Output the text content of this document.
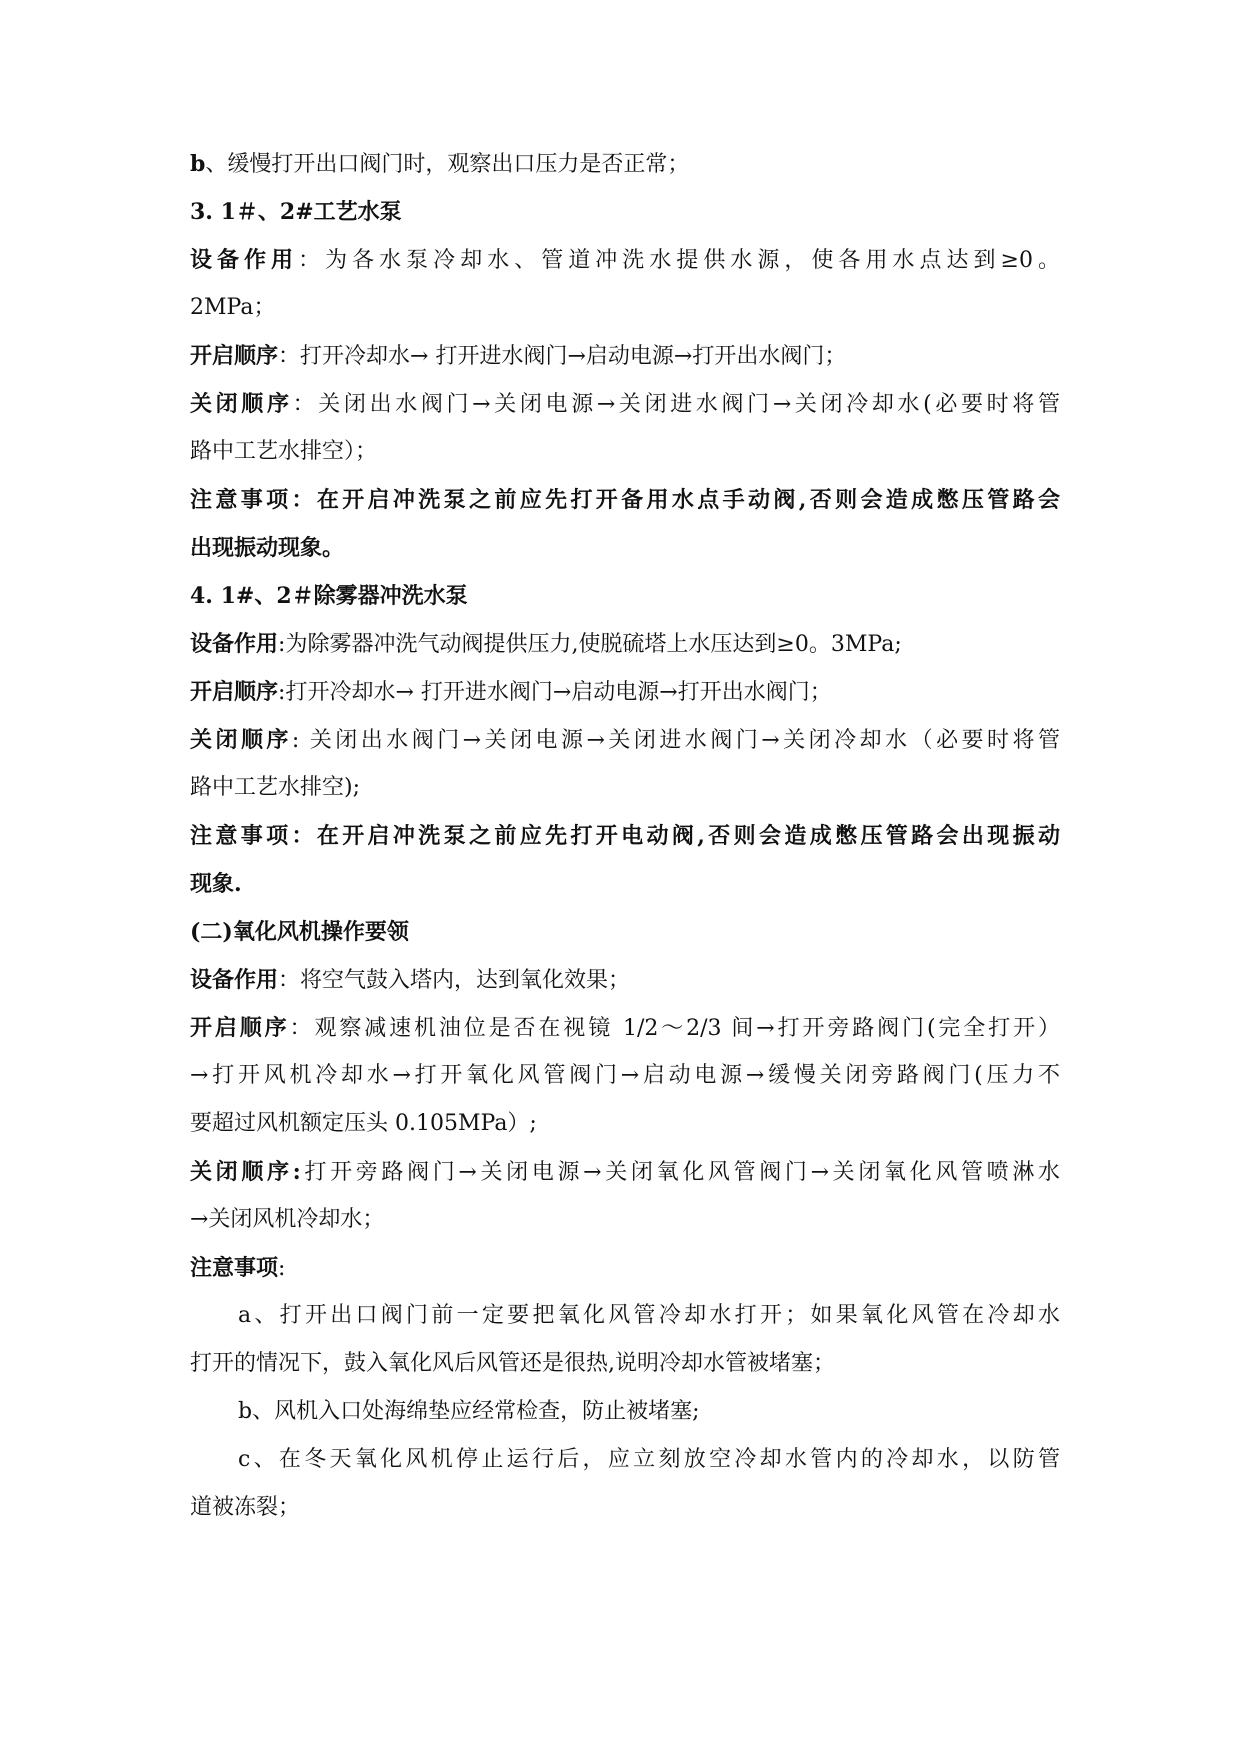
b、缓慢打开出口阀门时，观察出口压力是否正常；
3. 1＃、2#工艺水泵
设备作用：为各水泵冷却水、管道冲洗水提供水源，使各用水点达到≥0。
2MPa；
开启顺序：打开冷却水→ 打开进水阀门→启动电源→打开出水阀门；
关闭顺序：关闭出水阀门→关闭电源→关闭进水阀门→关闭冷却水(必要时将管
路中工艺水排空）；
注意事项：在开启冲洗泵之前应先打开备用水点手动阀,否则会造成憋压管路会
出现振动现象。
4. 1#、2＃除雾器冲洗水泵
设备作用:为除雾器冲洗气动阀提供压力,使脱硫塔上水压达到≥0。3MPa;
开启顺序:打开冷却水→ 打开进水阀门→启动电源→打开出水阀门；
关闭顺序: 关闭出水阀门→关闭电源→关闭进水阀门→关闭冷却水（必要时将管
路中工艺水排空);
注意事项：在开启冲洗泵之前应先打开电动阀,否则会造成憋压管路会出现振动
现象.
(二)氧化风机操作要领
设备作用：将空气鼓入塔内，达到氧化效果；
开启顺序：观察减速机油位是否在视镜 1/2～2/3 间→打开旁路阀门(完全打开）
→打开风机冷却水→打开氧化风管阀门→启动电源→缓慢关闭旁路阀门(压力不
要超过风机额定压头 0.105MPa）;
关闭顺序:打开旁路阀门→关闭电源→关闭氧化风管阀门→关闭氧化风管喷淋水
→关闭风机冷却水；
注意事项:
a、打开出口阀门前一定要把氧化风管冷却水打开；如果氧化风管在冷却水
打开的情况下，鼓入氧化风后风管还是很热,说明冷却水管被堵塞；
b、风机入口处海绵垫应经常检查，防止被堵塞;
c、在冬天氧化风机停止运行后，应立刻放空冷却水管内的冷却水，以防管
道被冻裂；
